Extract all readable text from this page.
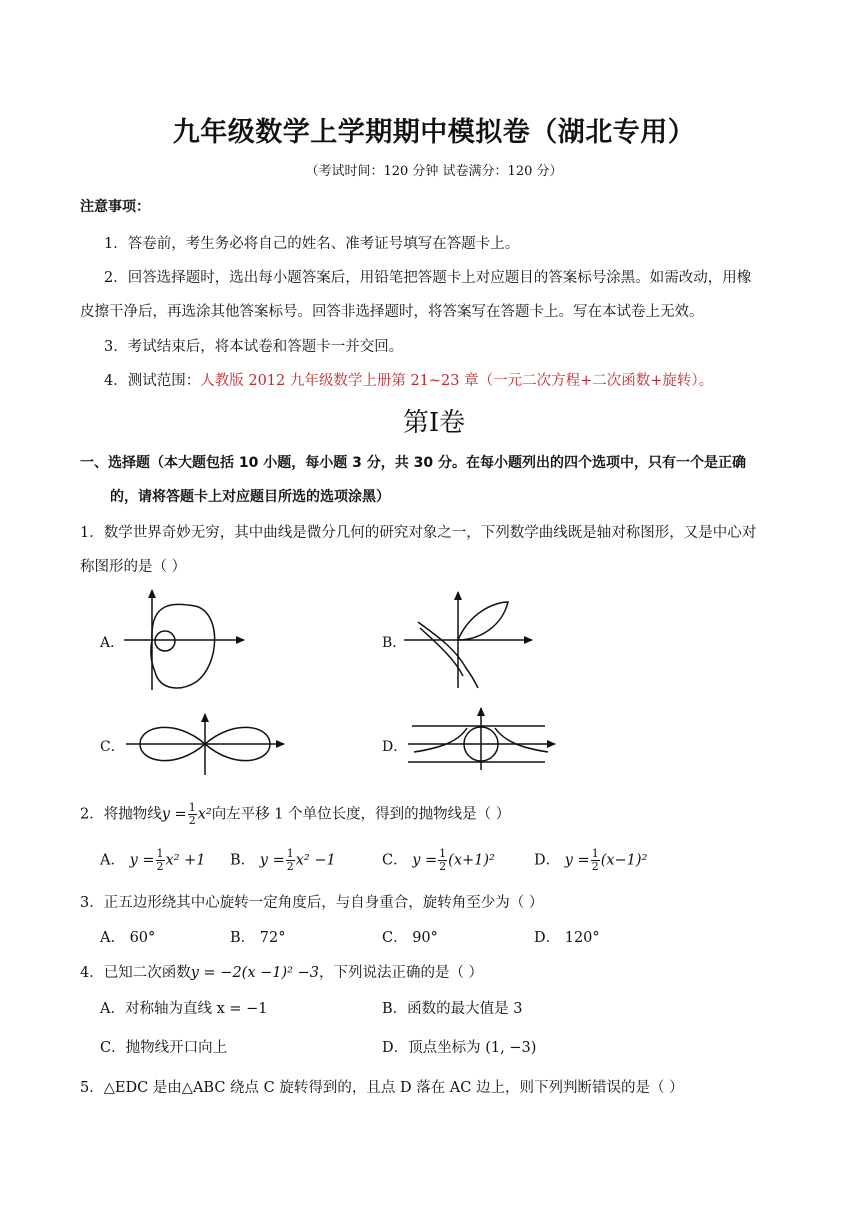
九年级数学上学期期中模拟卷（湖北专用）
（考试时间：120 分钟 试卷满分：120 分）
注意事项：
1．答卷前，考生务必将自己的姓名、准考证号填写在答题卡上。
2．回答选择题时，选出每小题答案后，用铅笔把答题卡上对应题目的答案标号涂黑。如需改动，用橡
皮擦干净后，再选涂其他答案标号。回答非选择题时，将答案写在答题卡上。写在本试卷上无效。
3．考试结束后，将本试卷和答题卡一并交回。
4．测试范围：人教版 2012 九年级数学上册第 21~23 章（一元二次方程+二次函数+旋转）。
第I卷
一、选择题（本大题包括 10 小题，每小题 3 分，共 30 分。在每小题列出的四个选项中，只有一个是正确
的，请将答题卡上对应题目所选的选项涂黑）
1．数学世界奇妙无穷，其中曲线是微分几何的研究对象之一，下列数学曲线既是轴对称图形，又是中心对
称图形的是（ ）
A．	B．
C．	D．
2．将抛物线$y = \frac{1}{2} x^2$向左平移 1 个单位长度，得到的抛物线是（ ）
A． $y = \frac{1}{2} x^2 +1$ B． $y = \frac{1}{2} x^2 -1$	C． $y = \frac{1}{2} (x+1)^2$	D． $y = \frac{1}{2} (x-1)^2$
3．正五边形绕其中心旋转一定角度后，与自身重合，旋转角至少为（ ）
A． 60°	B． 72°	C． 90°	D． 120°
4．已知二次函数y = −2(x −1)² −3，下列说法正确的是（ ）
A．对称轴为直线 x = −1	B．函数的最大值是 3
C．抛物线开口向上	D．顶点坐标为 (1, −3)
5．△EDC 是由△ABC 绕点 C 旋转得到的，且点 D 落在 AC 边上，则下列判断错误的是（ ）
